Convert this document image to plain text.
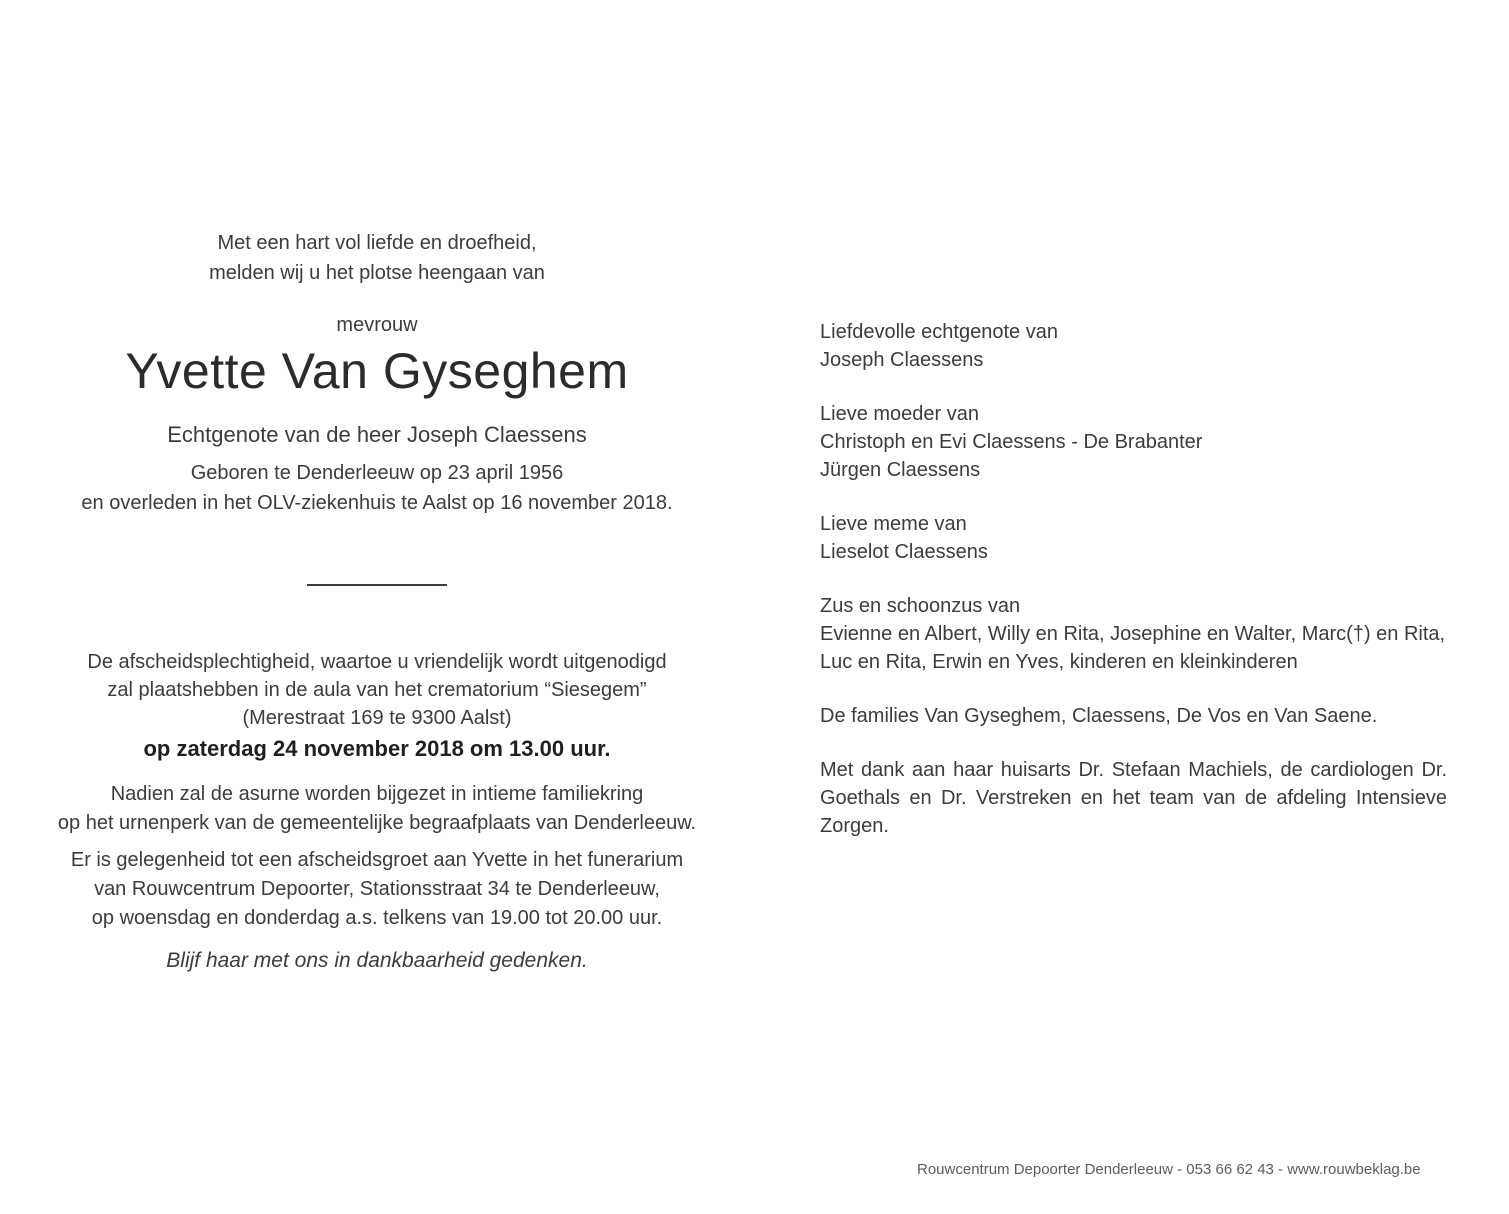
Met een hart vol liefde en droefheid,
melden wij u het plotse heengaan van
mevrouw
Yvette Van Gyseghem
Echtgenote van de heer Joseph Claessens
Geboren te Denderleeuw op 23 april 1956
en overleden in het OLV-ziekenhuis te Aalst op 16 november 2018.
De afscheidsplechtigheid, waartoe u vriendelijk wordt uitgenodigd
zal plaatshebben in de aula van het crematorium “Siesegem”
(Merestraat 169 te 9300 Aalst)
op zaterdag 24 november 2018 om 13.00 uur.
Nadien zal de asurne worden bijgezet in intieme familiekring
op het urnenperk van de gemeentelijke begraafplaats van Denderleeuw.
Er is gelegenheid tot een afscheidsgroet aan Yvette in het funerarium
van Rouwcentrum Depoorter, Stationsstraat 34 te Denderleeuw,
op woensdag en donderdag a.s. telkens van 19.00 tot 20.00 uur.
Blijf haar met ons in dankbaarheid gedenken.
Liefdevolle echtgenote van
Joseph Claessens
Lieve moeder van
Christoph en Evi Claessens - De Brabanter
Jürgen Claessens
Lieve meme van
Lieselot Claessens
Zus en schoonzus van
Evienne en Albert, Willy en Rita, Josephine en Walter, Marc(†) en Rita,
Luc en Rita, Erwin en Yves, kinderen en kleinkinderen
De families Van Gyseghem, Claessens, De Vos en Van Saene.
Met dank aan haar huisarts Dr. Stefaan Machiels, de cardiologen Dr. Goethals en Dr. Verstreken en het team van de afdeling Intensieve Zorgen.
Rouwcentrum Depoorter Denderleeuw - 053 66 62 43 - www.rouwbeklag.be
